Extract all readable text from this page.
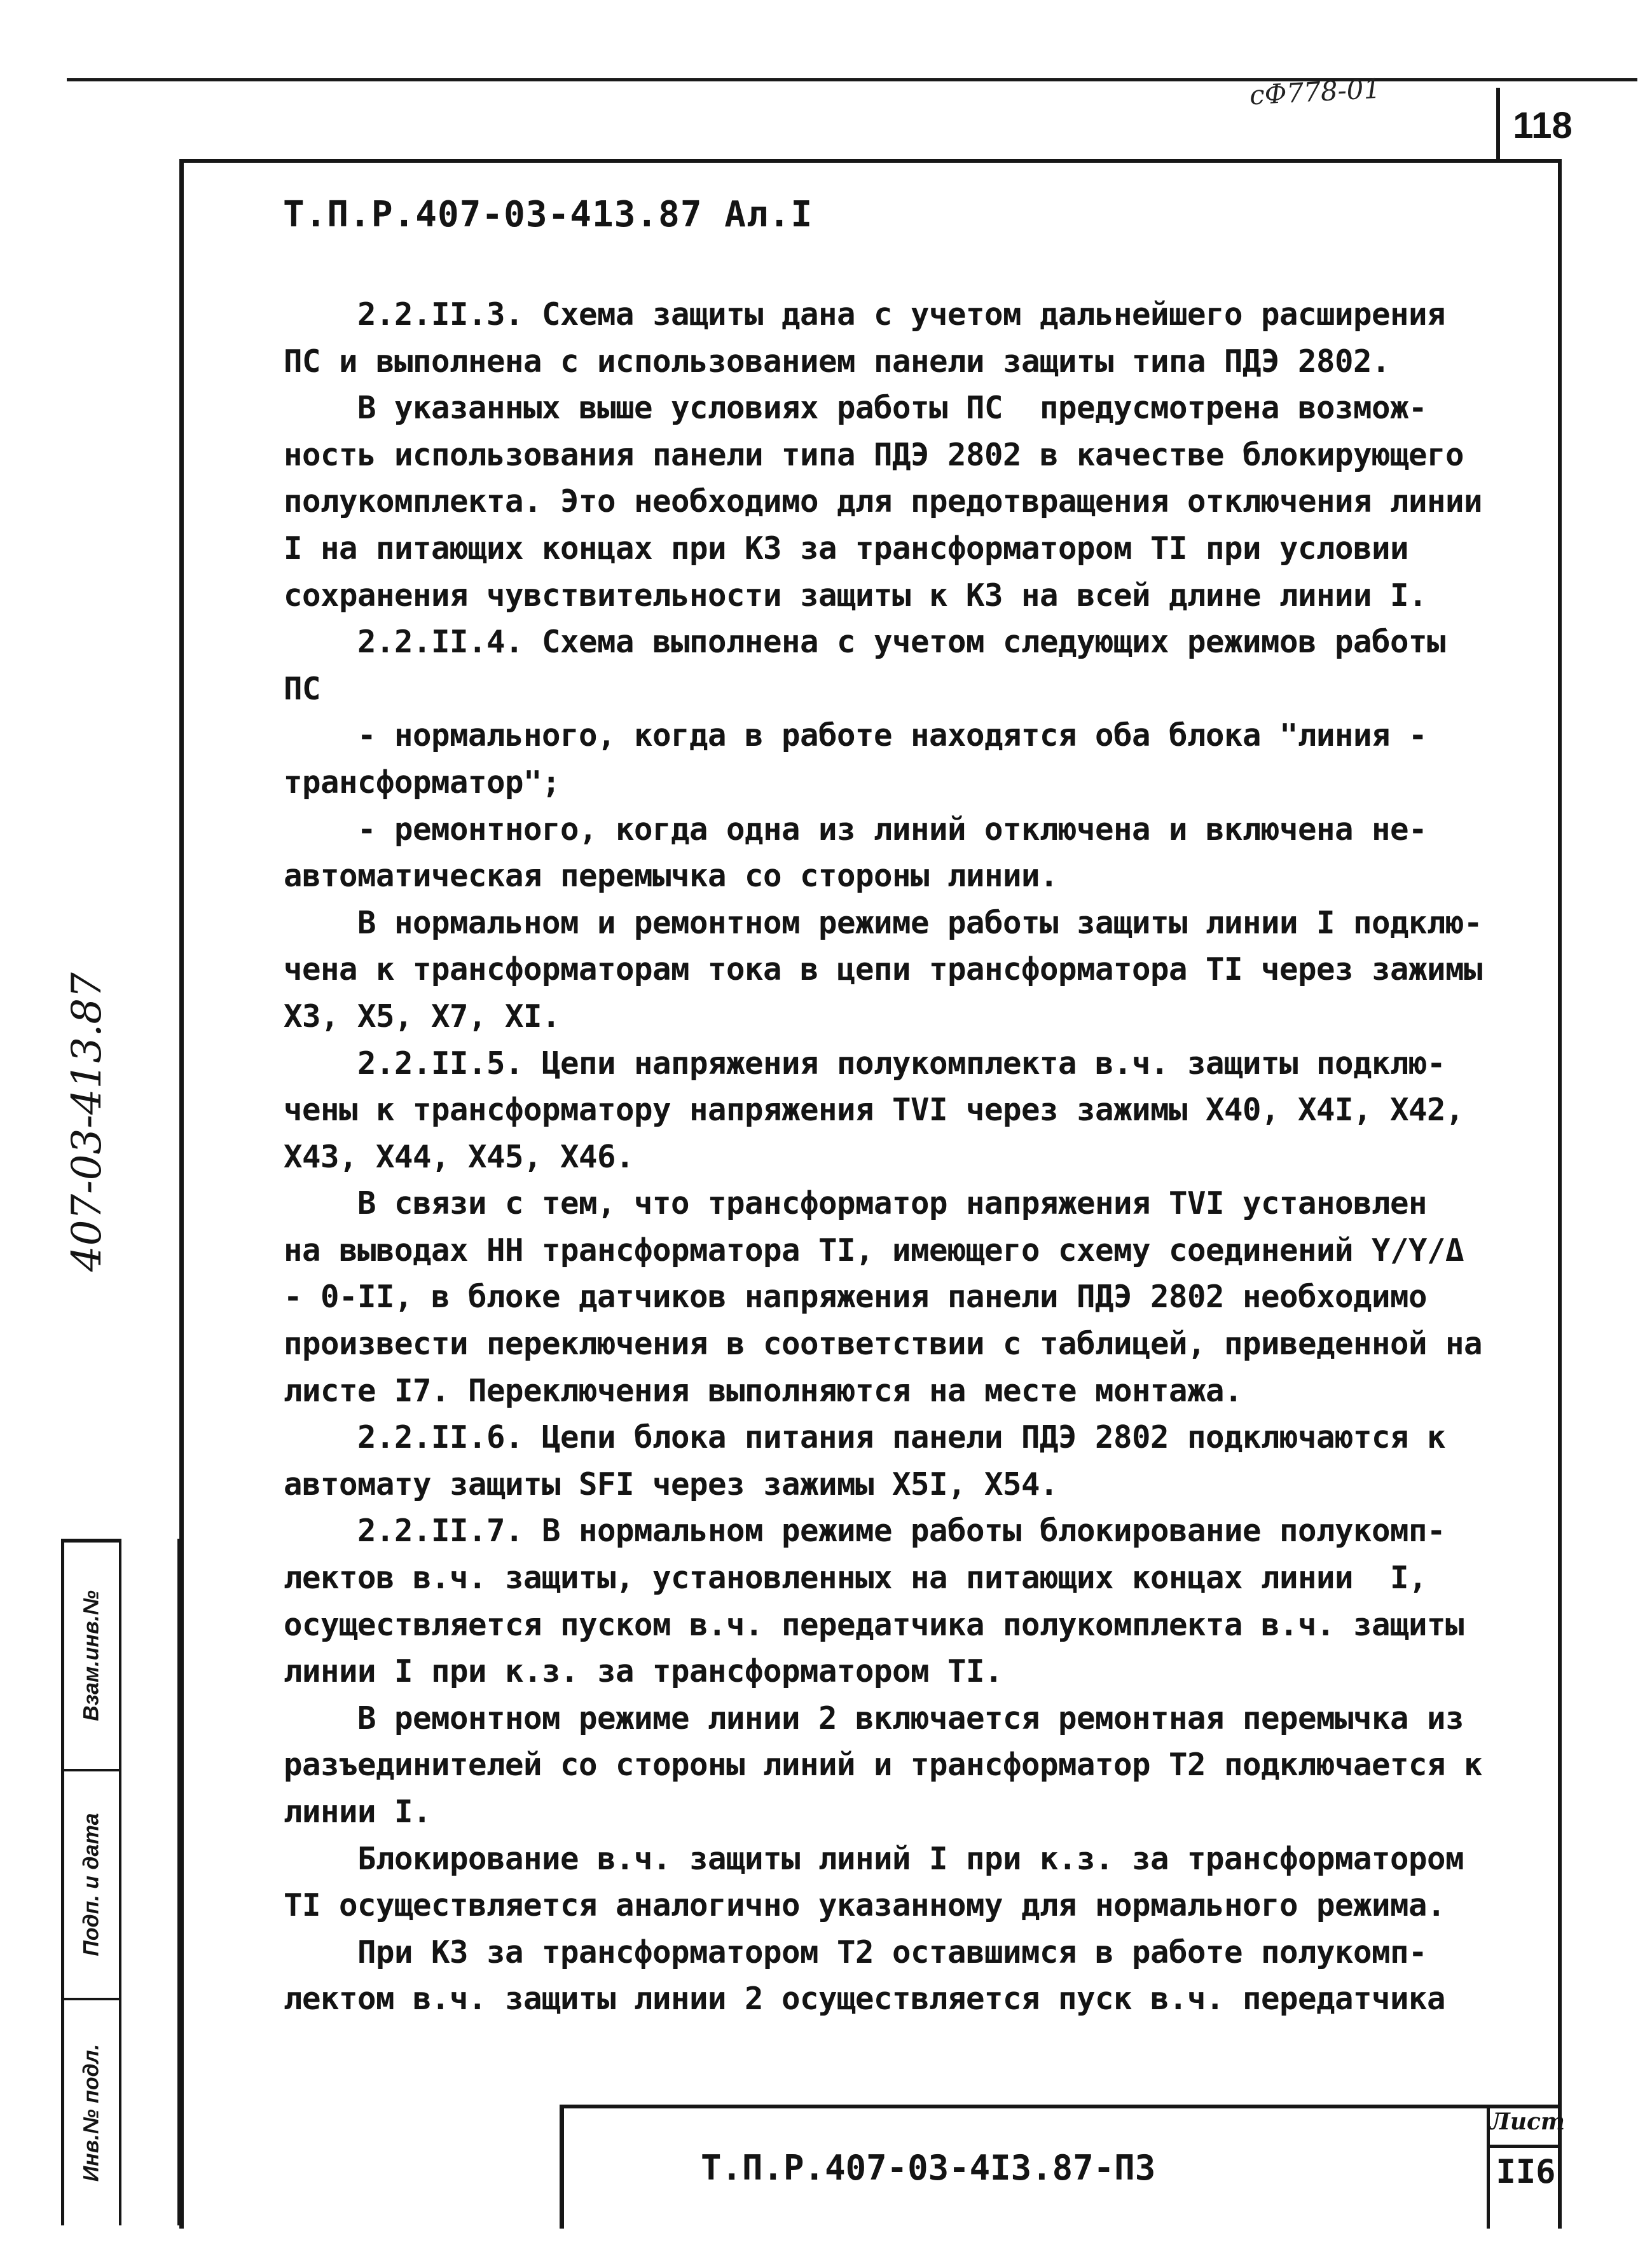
сФ778-01
118
Т.П.Р.407-03-413.87 Ал.I
2.2.II.3. Схема защиты дана с учетом дальнейшего расширения
ПС и выполнена с использованием панели защиты типа ПДЭ 2802.
В указанных выше условиях работы ПС  предусмотрена возмож-
ность использования панели типа ПДЭ 2802 в качестве блокирующего
полукомплекта. Это необходимо для предотвращения отключения линии
I на питающих концах при КЗ за трансформатором ТI при условии
сохранения чувствительности защиты к КЗ на всей длине линии I.
2.2.II.4. Схема выполнена с учетом следующих режимов работы
ПС
- нормального, когда в работе находятся оба блока "линия -
трансформатор";
- ремонтного, когда одна из линий отключена и включена не-
автоматическая перемычка со стороны линии.
В нормальном и ремонтном режиме работы защиты линии I подклю-
чена к трансформаторам тока в цепи трансформатора ТI через зажимы
Х3, Х5, Х7, ХI.
2.2.II.5. Цепи напряжения полукомплекта в.ч. защиты подклю-
чены к трансформатору напряжения ТVI через зажимы Х40, Х4I, Х42,
Х43, Х44, Х45, Х46.
В связи с тем, что трансформатор напряжения ТVI установлен
на выводах НН трансформатора ТI, имеющего схему соединений Y/Y/Δ
- 0-II, в блоке датчиков напряжения панели ПДЭ 2802 необходимо
произвести переключения в соответствии с таблицей, приведенной на
листе I7. Переключения выполняются на месте монтажа.
2.2.II.6. Цепи блока питания панели ПДЭ 2802 подключаются к
автомату защиты SFI через зажимы Х5I, Х54.
2.2.II.7. В нормальном режиме работы блокирование полукомп-
лектов в.ч. защиты, установленных на питающих концах линии  I,
осуществляется пуском в.ч. передатчика полукомплекта в.ч. защиты
линии I при к.з. за трансформатором ТI.
В ремонтном режиме линии 2 включается ремонтная перемычка из
разъединителей со стороны линий и трансформатор Т2 подключается к
линии I.
Блокирование в.ч. защиты линий I при к.з. за трансформатором
ТI осуществляется аналогично указанному для нормального режима.
При КЗ за трансформатором Т2 оставшимся в работе полукомп-
лектом в.ч. защиты линии 2 осуществляется пуск в.ч. передатчика
407-03-413.87
Взам.инв.№
Подп. и дата
Инв.№ подл.	Т.П.Р.407-03-4I3.87-ПЗ
Лист
II6
